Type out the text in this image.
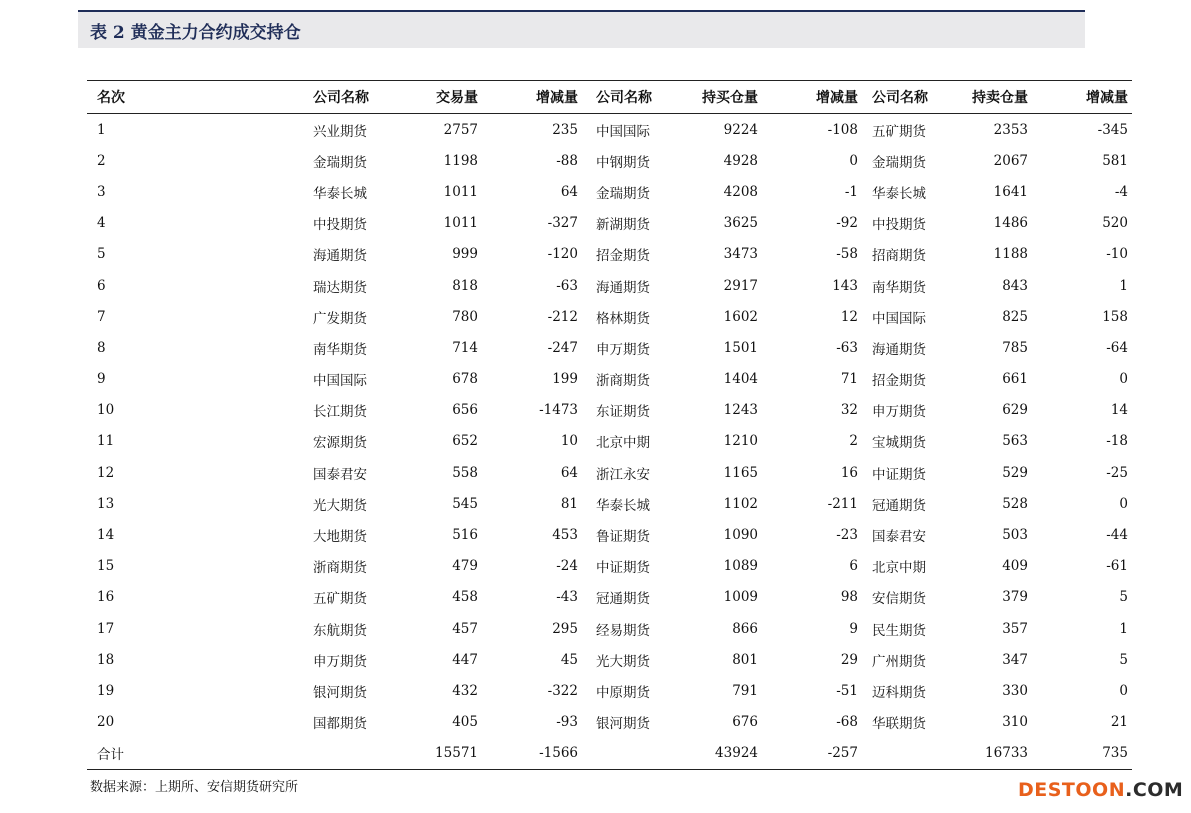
表 2 黄金主力合约成交持仓
名次	公司名称	交易量	增减量	公司名称	持买仓量	增减量	公司名称	持卖仓量	增减量
1	兴业期货	2757	235	中国国际	9224	-108	五矿期货	2353	-345
2	金瑞期货	1198	-88	中钢期货	4928	0	金瑞期货	2067	581
3	华泰长城	1011	64	金瑞期货	4208	-1	华泰长城	1641	-4
4	中投期货	1011	-327	新湖期货	3625	-92	中投期货	1486	520
5	海通期货	999	-120	招金期货	3473	-58	招商期货	1188	-10
6	瑞达期货	818	-63	海通期货	2917	143	南华期货	843	1
7	广发期货	780	-212	格林期货	1602	12	中国国际	825	158
8	南华期货	714	-247	申万期货	1501	-63	海通期货	785	-64
9	中国国际	678	199	浙商期货	1404	71	招金期货	661	0
10	长江期货	656	-1473	东证期货	1243	32	申万期货	629	14
11	宏源期货	652	10	北京中期	1210	2	宝城期货	563	-18
12	国泰君安	558	64	浙江永安	1165	16	中证期货	529	-25
13	光大期货	545	81	华泰长城	1102	-211	冠通期货	528	0
14	大地期货	516	453	鲁证期货	1090	-23	国泰君安	503	-44
15	浙商期货	479	-24	中证期货	1089	6	北京中期	409	-61
16	五矿期货	458	-43	冠通期货	1009	98	安信期货	379	5
17	东航期货	457	295	经易期货	866	9	民生期货	357	1
18	申万期货	447	45	光大期货	801	29	广州期货	347	5
19	银河期货	432	-322	中原期货	791	-51	迈科期货	330	0
20	国都期货	405	-93	银河期货	676	-68	华联期货	310	21
合计		15571	-1566		43924	-257		16733	735
数据来源：上期所、安信期货研究所	DESTOON.COM
